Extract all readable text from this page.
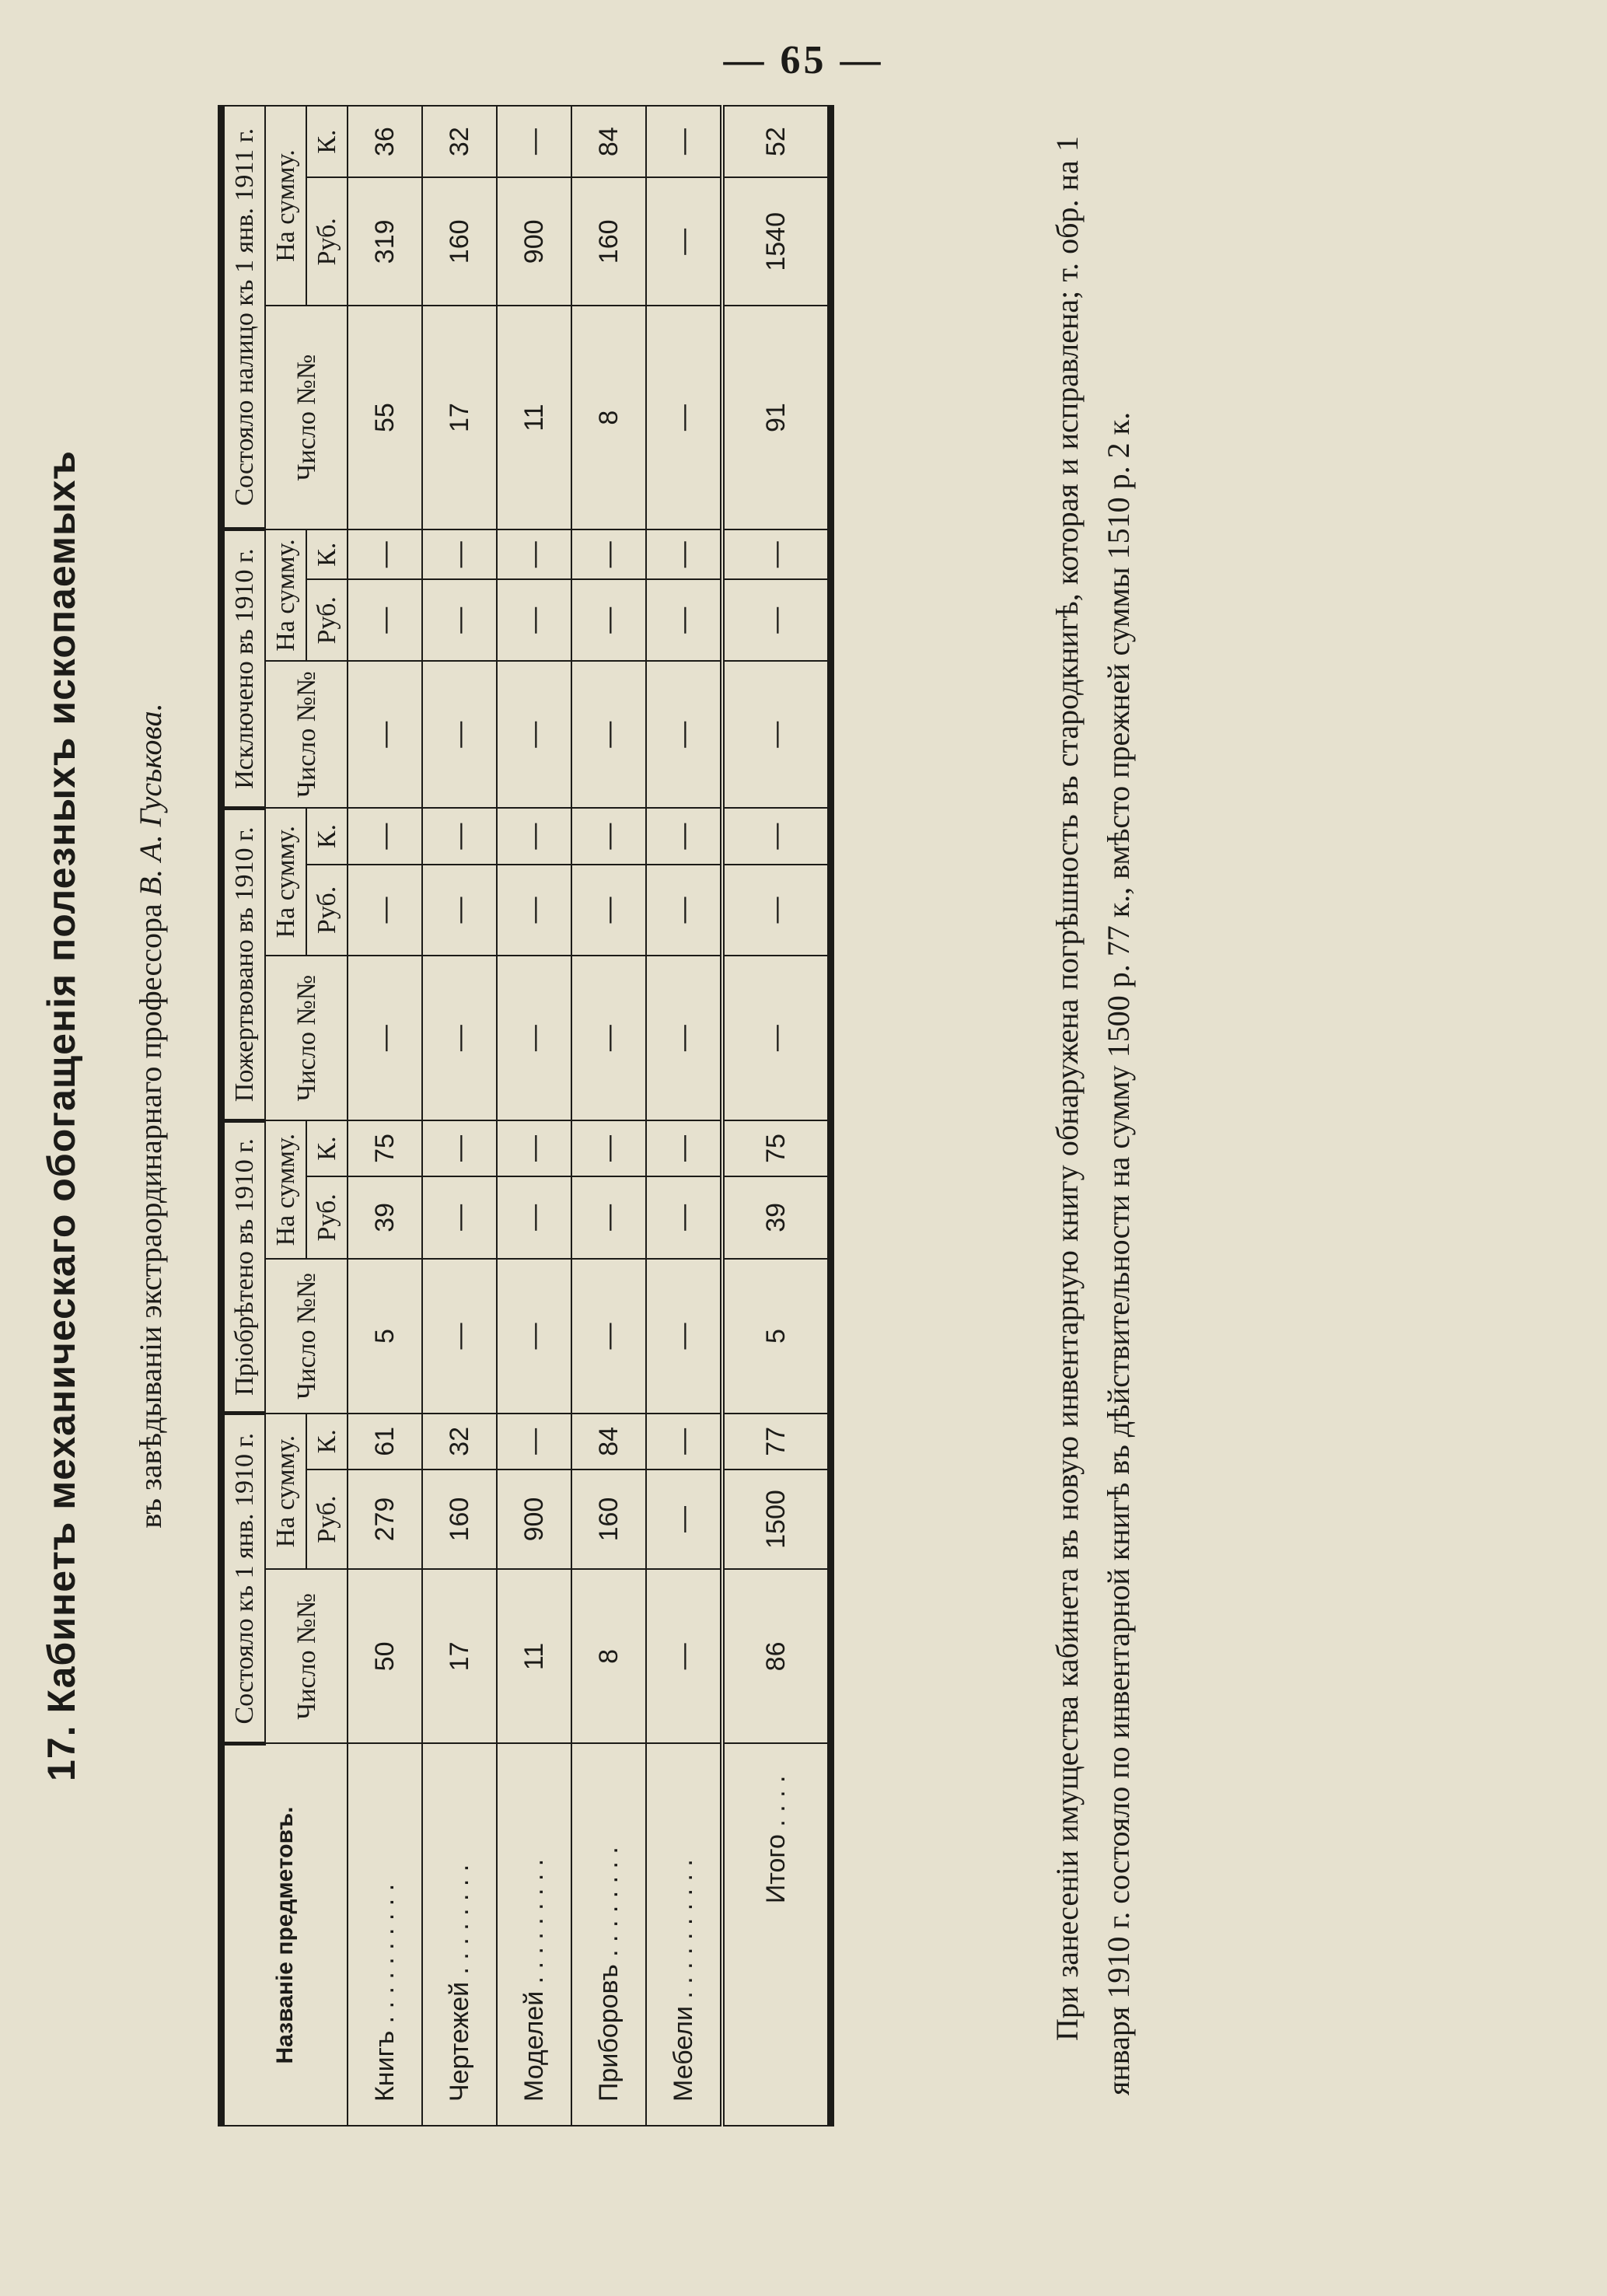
— 65 —
17. Кабинетъ механическаго обогащенія полезныхъ ископаемыхъ въ завѣдываніи экстраординарнаго профессора В. А. Гуськова.
Названіе предметовъ.	Состояло къ 1 янв. 1910 г.			Пріобрѣтено въ 1910 г.			Пожертвовано въ 1910 г.			Исключено въ 1910 г.			Состояло налицо къ 1 янв. 1911 г.		
	Число №№	На сумму.		Число №№	На сумму.		Число №№	На сумму.		Число №№	На сумму.		Число №№	На сумму.	
		Руб.	К.		Руб.	К.		Руб.	К.		Руб.	К.		Руб.	К.
Книгъ . . . . . . . . . .	50	279	61	5	39	75	—	—	—	—	—	—	55	319	36
Чертежей . . . . . . . .	17	160	32	—	—	—	—	—	—	—	—	—	17	160	32
Моделей . . . . . . . . .	11	900	—	—	—	—	—	—	—	—	—	—	11	900	—
Приборовъ . . . . . . . .	8	160	84	—	—	—	—	—	—	—	—	—	8	160	84
Мебели . . . . . . . . . .	—	—	—	—	—	—	—	—	—	—	—	—	—	—	—
Итого . . . .	86	1500	77	5	39	75	—	—	—	—	—	—	91	1540	52	При занесеніи имущества кабинета въ новую инвентарную книгу обнаружена погрѣшность въ стародкнигѣ, которая и исправлена; т. обр. на 1 января 1910 г. состояло по инвентарной книгѣ въ дѣйствительности на сумму 1500 р. 77 к., вмѣсто прежней суммы 1510 р. 2 к.
